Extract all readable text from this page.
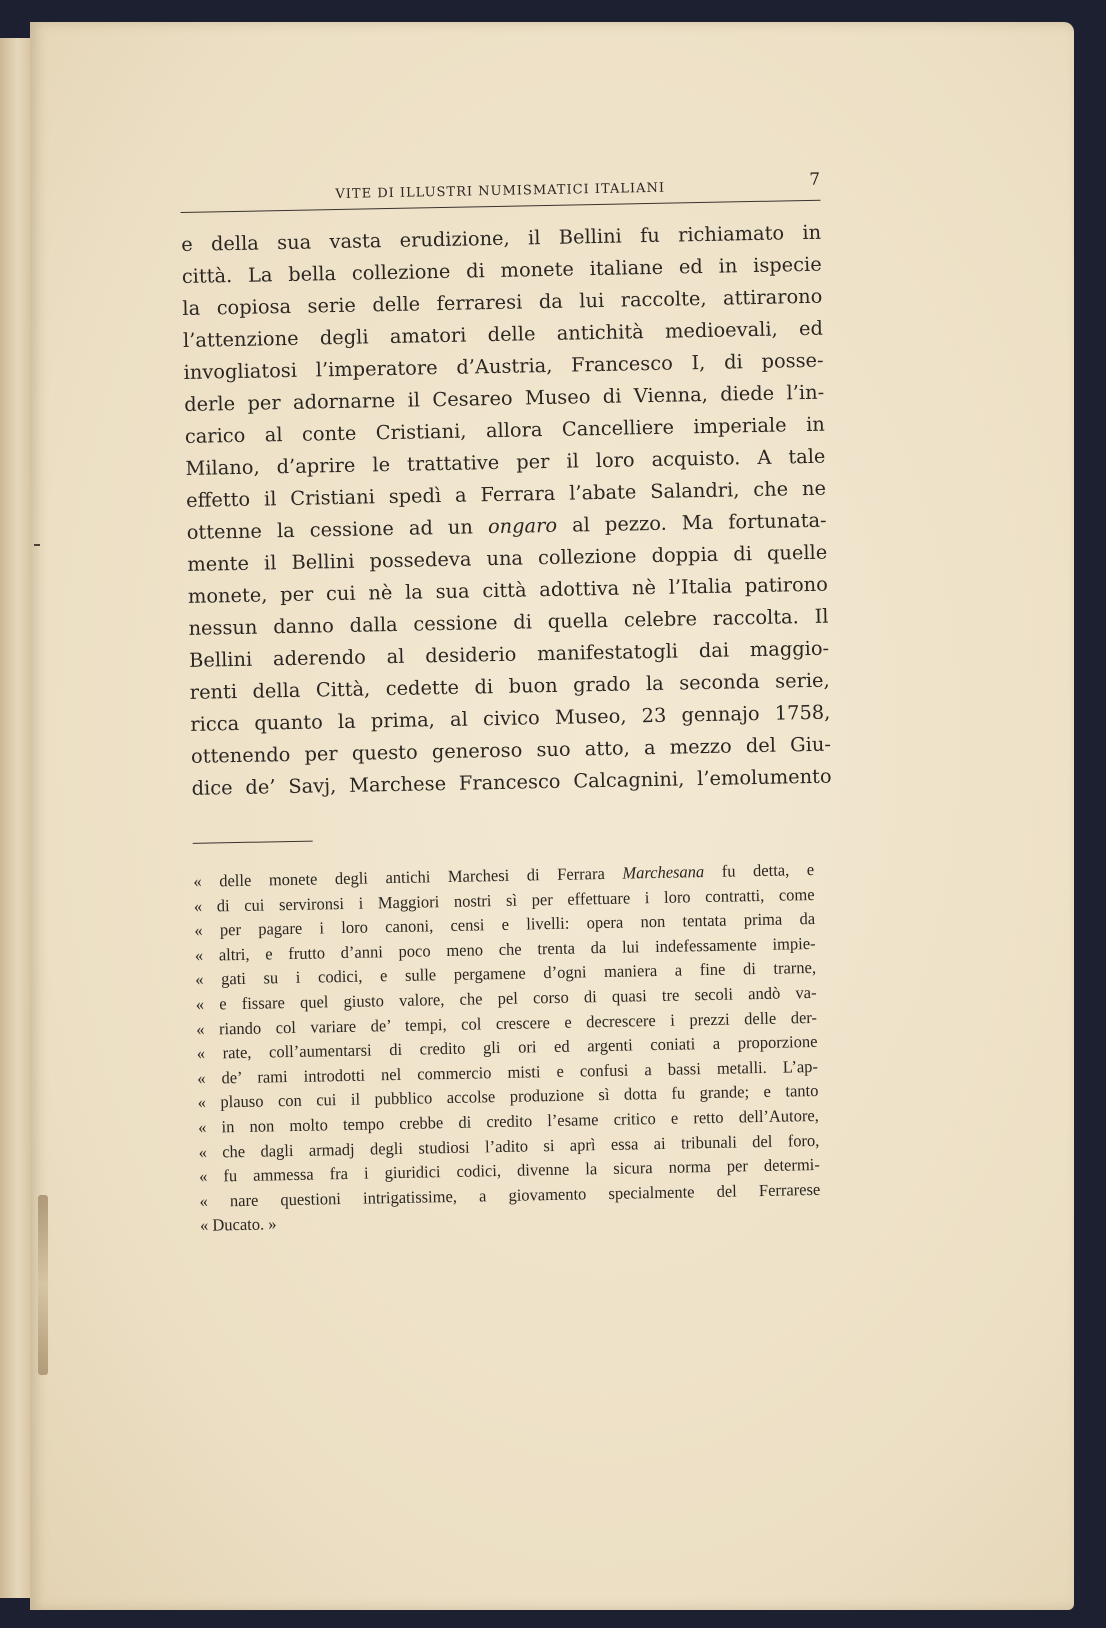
VITE DI ILLUSTRI NUMISMATICI ITALIANI
7
e della sua vasta erudizione, il Bellini fu richiamato in
città. La bella collezione di monete italiane ed in ispecie
la copiosa serie delle ferraresi da lui raccolte, attirarono
l’attenzione degli amatori delle antichità medioevali, ed
invogliatosi l’imperatore d’Austria, Francesco I, di posse-
derle per adornarne il Cesareo Museo di Vienna, diede l’in-
carico al conte Cristiani, allora Cancelliere imperiale in
Milano, d’aprire le trattative per il loro acquisto. A tale
effetto il Cristiani spedì a Ferrara l’abate Salandri, che ne
ottenne la cessione ad un ongaro al pezzo. Ma fortunata-
mente il Bellini possedeva una collezione doppia di quelle
monete, per cui nè la sua città adottiva nè l’Italia patirono
nessun danno dalla cessione di quella celebre raccolta. Il
Bellini aderendo al desiderio manifestatogli dai maggio-
renti della Città, cedette di buon grado la seconda serie,
ricca quanto la prima, al civico Museo, 23 gennajo 1758,
ottenendo per questo generoso suo atto, a mezzo del Giu-
dice de’ Savj, Marchese Francesco Calcagnini, l’emolumento
« delle monete degli antichi Marchesi di Ferrara Marchesana fu detta, e
« di cui servironsi i Maggiori nostri sì per effettuare i loro contratti, come
« per pagare i loro canoni, censi e livelli: opera non tentata prima da
« altri, e frutto d’anni poco meno che trenta da lui indefessamente impie-
« gati su i codici, e sulle pergamene d’ogni maniera a fine di trarne,
« e fissare quel giusto valore, che pel corso di quasi tre secoli andò va-
« riando col variare de’ tempi, col crescere e decrescere i prezzi delle der-
« rate, coll’aumentarsi di credito gli ori ed argenti coniati a proporzione
« de’ rami introdotti nel commercio misti e confusi a bassi metalli. L’ap-
« plauso con cui il pubblico accolse produzione sì dotta fu grande; e tanto
« in non molto tempo crebbe di credito l’esame critico e retto dell’Autore,
« che dagli armadj degli studiosi l’adito si aprì essa ai tribunali del foro,
« fu ammessa fra i giuridici codici, divenne la sicura norma per determi-
« nare questioni intrigatissime, a giovamento specialmente del Ferrarese
« Ducato. »
